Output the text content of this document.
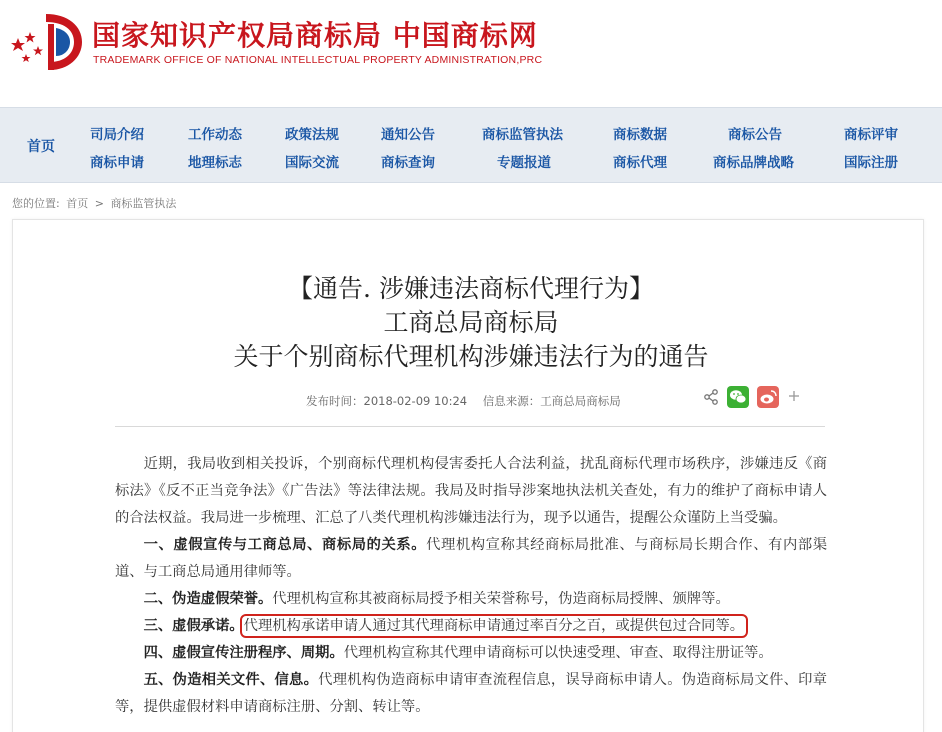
国家知识产权局商标局 中国商标网
TRADEMARK OFFICE OF NATIONAL INTELLECTUAL PROPERTY ADMINISTRATION,PRC
首页
司局介绍
商标申请
工作动态
地理标志
政策法规
国际交流
通知公告
商标查询
商标监管执法
专题报道
商标数据
商标代理
商标公告
商标品牌战略
商标评审
国际注册
您的位置: 首页 > 商标监管执法
【通告. 涉嫌违法商标代理行为】
工商总局商标局
关于个别商标代理机构涉嫌违法行为的通告
发布时间：2018-02-09 10:24 信息来源：工商总局商标局

近期，我局收到相关投诉，个别商标代理机构侵害委托人合法利益，扰乱商标代理市场秩序，涉嫌违反《商标法》《反不正当竞争法》《广告法》等法律法规。我局及时指导涉案地执法机关查处，有力的维护了商标申请人的合法权益。我局进一步梳理、汇总了八类代理机构涉嫌违法行为，现予以通告，提醒公众谨防上当受骗。

一、虚假宣传与工商总局、商标局的关系。代理机构宣称其经商标局批准、与商标局长期合作、有内部渠道、与工商总局通用律师等。

二、伪造虚假荣誉。代理机构宣称其被商标局授予相关荣誉称号，伪造商标局授牌、颁牌等。

三、虚假承诺。代理机构承诺申请人通过其代理商标申请通过率百分之百，或提供包过合同等。

四、虚假宣传注册程序、周期。代理机构宣称其代理申请商标可以快速受理、审查、取得注册证等。

五、伪造相关文件、信息。代理机构伪造商标申请审查流程信息，误导商标申请人。伪造商标局文件、印章等，提供虚假材料申请商标注册、分割、转让等。
